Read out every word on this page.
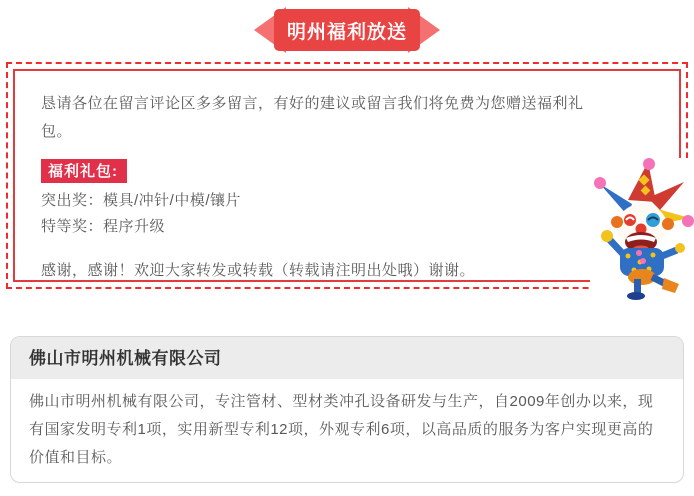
明州福利放送

恳请各位在留言评论区多多留言，有好的建议或留言我们将免费为您赠送福利礼包。

福利礼包:
突出奖：模具/冲针/中模/镶片
特等奖：程序升级

感谢，感谢！欢迎大家转发或转载（转载请注明出处哦）谢谢。

佛山市明州机械有限公司
佛山市明州机械有限公司，专注管材、型材类冲孔设备研发与生产，自2009年创办以来，现有国家发明专利1项，实用新型专利12项，外观专利6项，以高品质的服务为客户实现更高的价值和目标。
